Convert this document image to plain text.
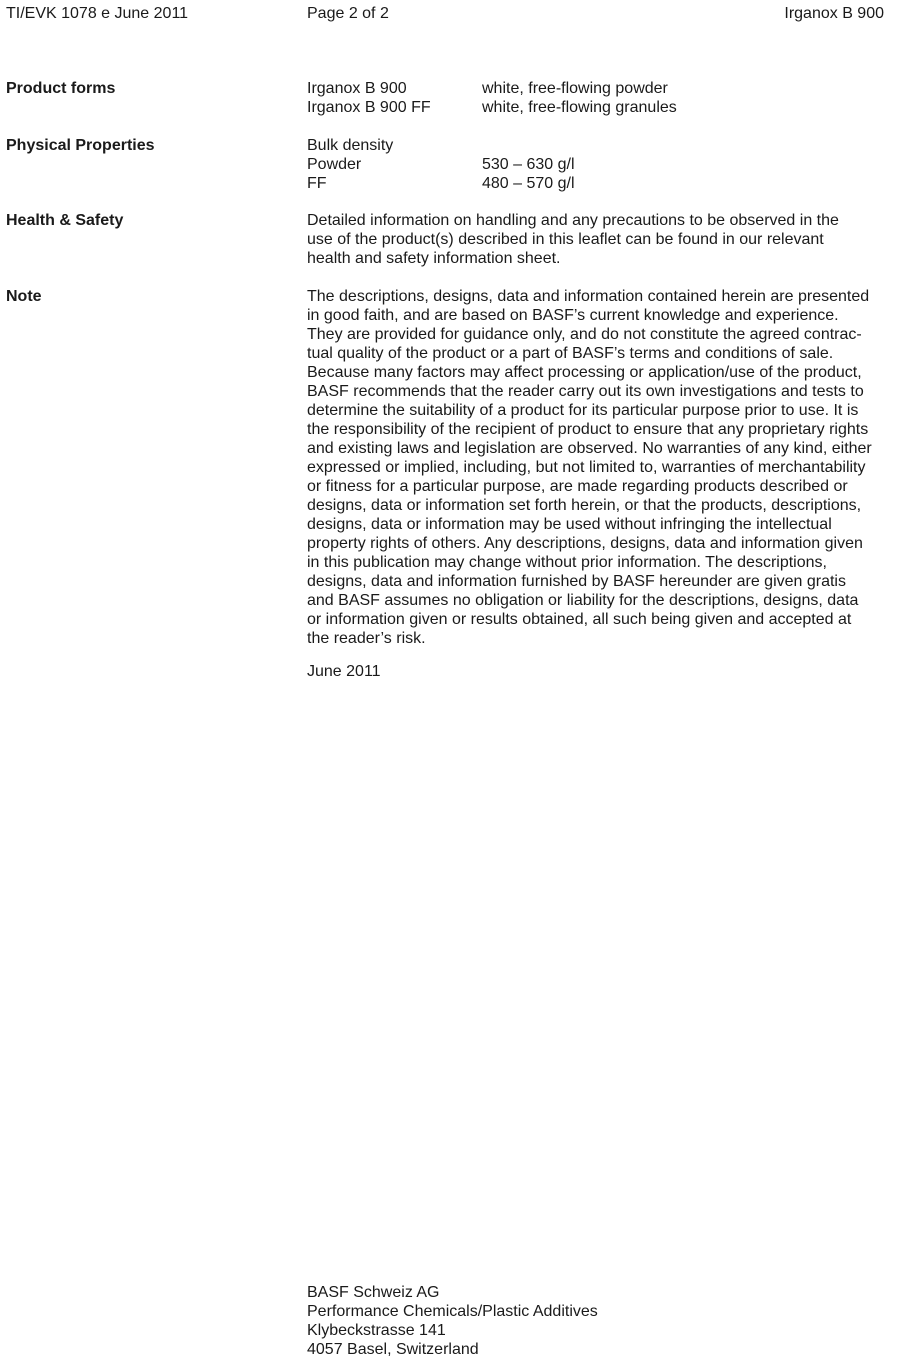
TI/EVK 1078 e June 2011	Page 2 of 2	Irganox B 900
Product forms	Irganox B 900	white, free-flowing powder
Irganox B 900 FF	white, free-flowing granules
Physical Properties	Bulk density
Powder	530 – 630 g/l
FF	480 – 570 g/l
Health & Safety	Detailed information on handling and any precautions to be observed in the
use of the product(s) described in this leaflet can be found in our relevant
health and safety information sheet.
Note	The descriptions, designs, data and information contained herein are presented
in good faith, and are based on BASF’s current knowledge and experience.
They are provided for guidance only, and do not constitute the agreed contrac-
tual quality of the product or a part of BASF’s terms and conditions of sale.
Because many factors may affect processing or application/use of the product,
BASF recommends that the reader carry out its own investigations and tests to
determine the suitability of a product for its particular purpose prior to use. It is
the responsibility of the recipient of product to ensure that any proprietary rights
and existing laws and legislation are observed. No warranties of any kind, either
expressed or implied, including, but not limited to, warranties of merchantability
or fitness for a particular purpose, are made regarding products described or
designs, data or information set forth herein, or that the products, descriptions,
designs, data or information may be used without infringing the intellectual
property rights of others. Any descriptions, designs, data and information given
in this publication may change without prior information. The descriptions,
designs, data and information furnished by BASF hereunder are given gratis
and BASF assumes no obligation or liability for the descriptions, designs, data
or information given or results obtained, all such being given and accepted at
the reader’s risk.
June 2011
BASF Schweiz AG
Performance Chemicals/Plastic Additives
Klybeckstrasse 141
4057 Basel, Switzerland
